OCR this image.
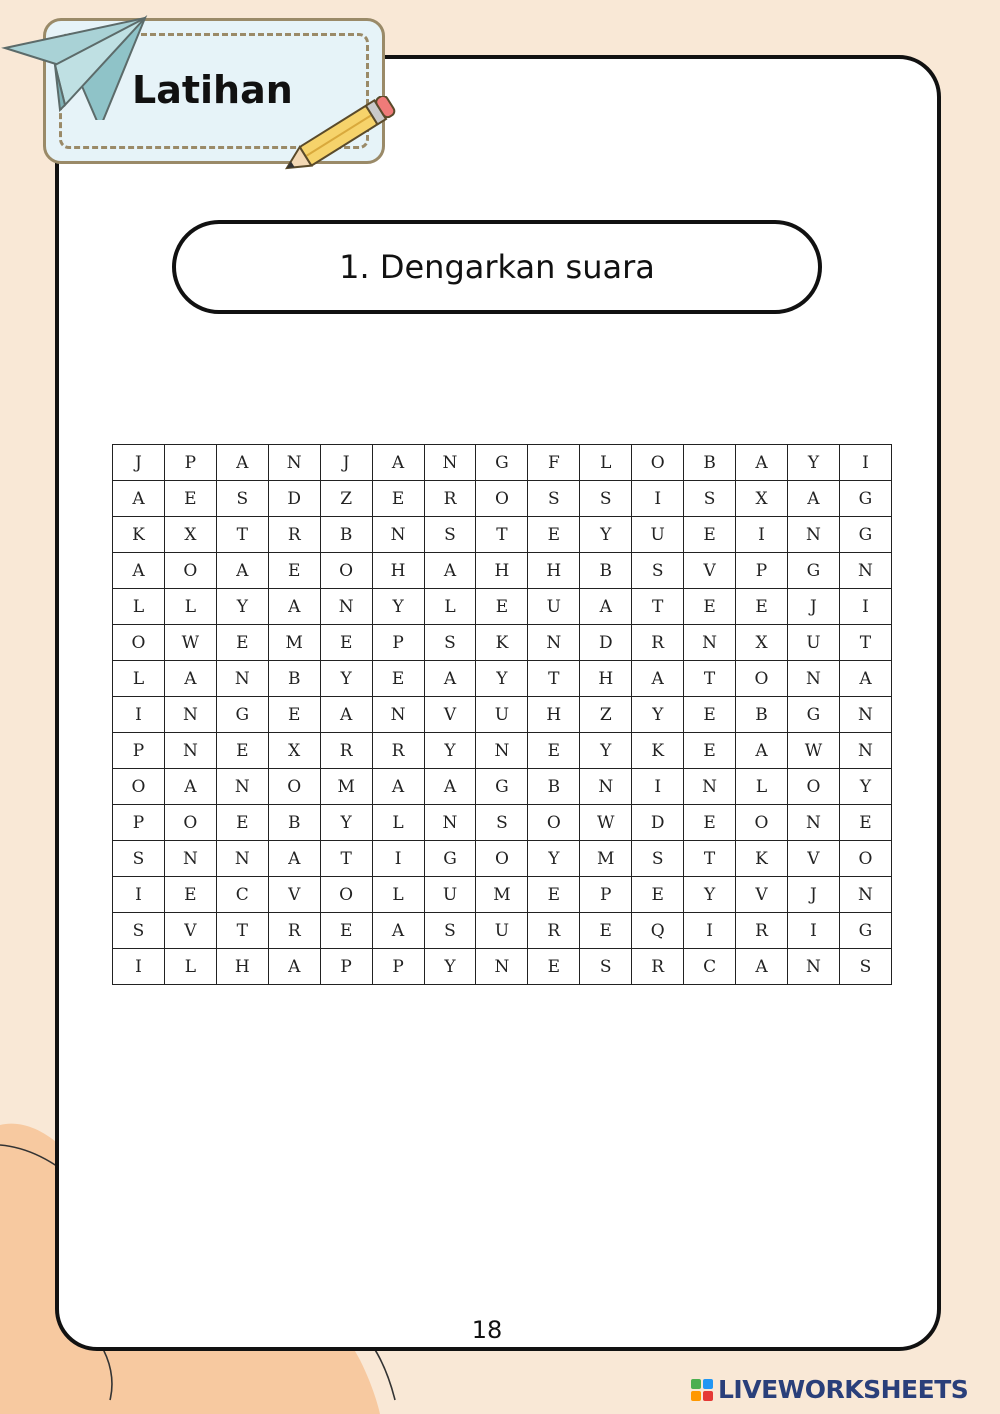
Latihan
1. Dengarkan suara
J	P	A	N	J	A	N	G	F	L	O	B	A	Y	I
A	E	S	D	Z	E	R	O	S	S	I	S	X	A	G
K	X	T	R	B	N	S	T	E	Y	U	E	I	N	G
A	O	A	E	O	H	A	H	H	B	S	V	P	G	N
L	L	Y	A	N	Y	L	E	U	A	T	E	E	J	I
O	W	E	M	E	P	S	K	N	D	R	N	X	U	T
L	A	N	B	Y	E	A	Y	T	H	A	T	O	N	A
I	N	G	E	A	N	V	U	H	Z	Y	E	B	G	N
P	N	E	X	R	R	Y	N	E	Y	K	E	A	W	N
O	A	N	O	M	A	A	G	B	N	I	N	L	O	Y
P	O	E	B	Y	L	N	S	O	W	D	E	O	N	E
S	N	N	A	T	I	G	O	Y	M	S	T	K	V	O
I	E	C	V	O	L	U	M	E	P	E	Y	V	J	N
S	V	T	R	E	A	S	U	R	E	Q	I	R	I	G
I	L	H	A	P	P	Y	N	E	S	R	C	A	N	S
18
LIVEWORKSHEETS
